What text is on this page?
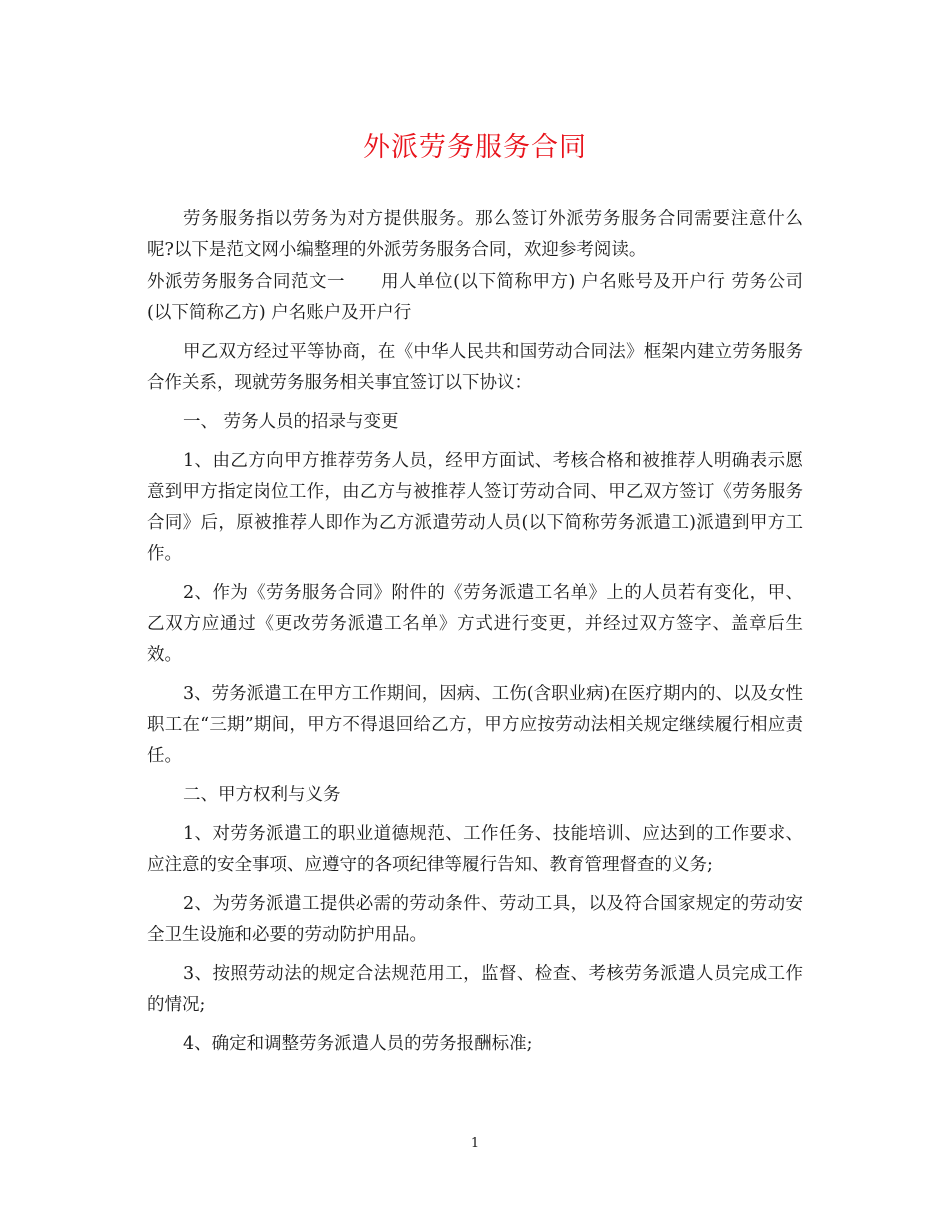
外派劳务服务合同

劳务服务指以劳务为对方提供服务。那么签订外派劳务服务合同需要注意什么呢?以下是范文网小编整理的外派劳务服务合同，欢迎参考阅读。

外派劳务服务合同范文一　　用人单位(以下简称甲方) 户名账号及开户行 劳务公司(以下简称乙方) 户名账户及开户行

甲乙双方经过平等协商，在《中华人民共和国劳动合同法》框架内建立劳务服务合作关系，现就劳务服务相关事宜签订以下协议：

一、 劳务人员的招录与变更

1、由乙方向甲方推荐劳务人员，经甲方面试、考核合格和被推荐人明确表示愿意到甲方指定岗位工作，由乙方与被推荐人签订劳动合同、甲乙双方签订《劳务服务合同》后，原被推荐人即作为乙方派遣劳动人员(以下简称劳务派遣工)派遣到甲方工作。

2、作为《劳务服务合同》附件的《劳务派遣工名单》上的人员若有变化，甲、乙双方应通过《更改劳务派遣工名单》方式进行变更，并经过双方签字、盖章后生效。

3、劳务派遣工在甲方工作期间，因病、工伤(含职业病)在医疗期内的、以及女性职工在“三期”期间，甲方不得退回给乙方，甲方应按劳动法相关规定继续履行相应责任。

二、甲方权利与义务

1、对劳务派遣工的职业道德规范、工作任务、技能培训、应达到的工作要求、应注意的安全事项、应遵守的各项纪律等履行告知、教育管理督查的义务;

2、为劳务派遣工提供必需的劳动条件、劳动工具，以及符合国家规定的劳动安全卫生设施和必要的劳动防护用品。

3、按照劳动法的规定合法规范用工，监督、检查、考核劳务派遣人员完成工作的情况;

4、确定和调整劳务派遣人员的劳务报酬标准;

1
